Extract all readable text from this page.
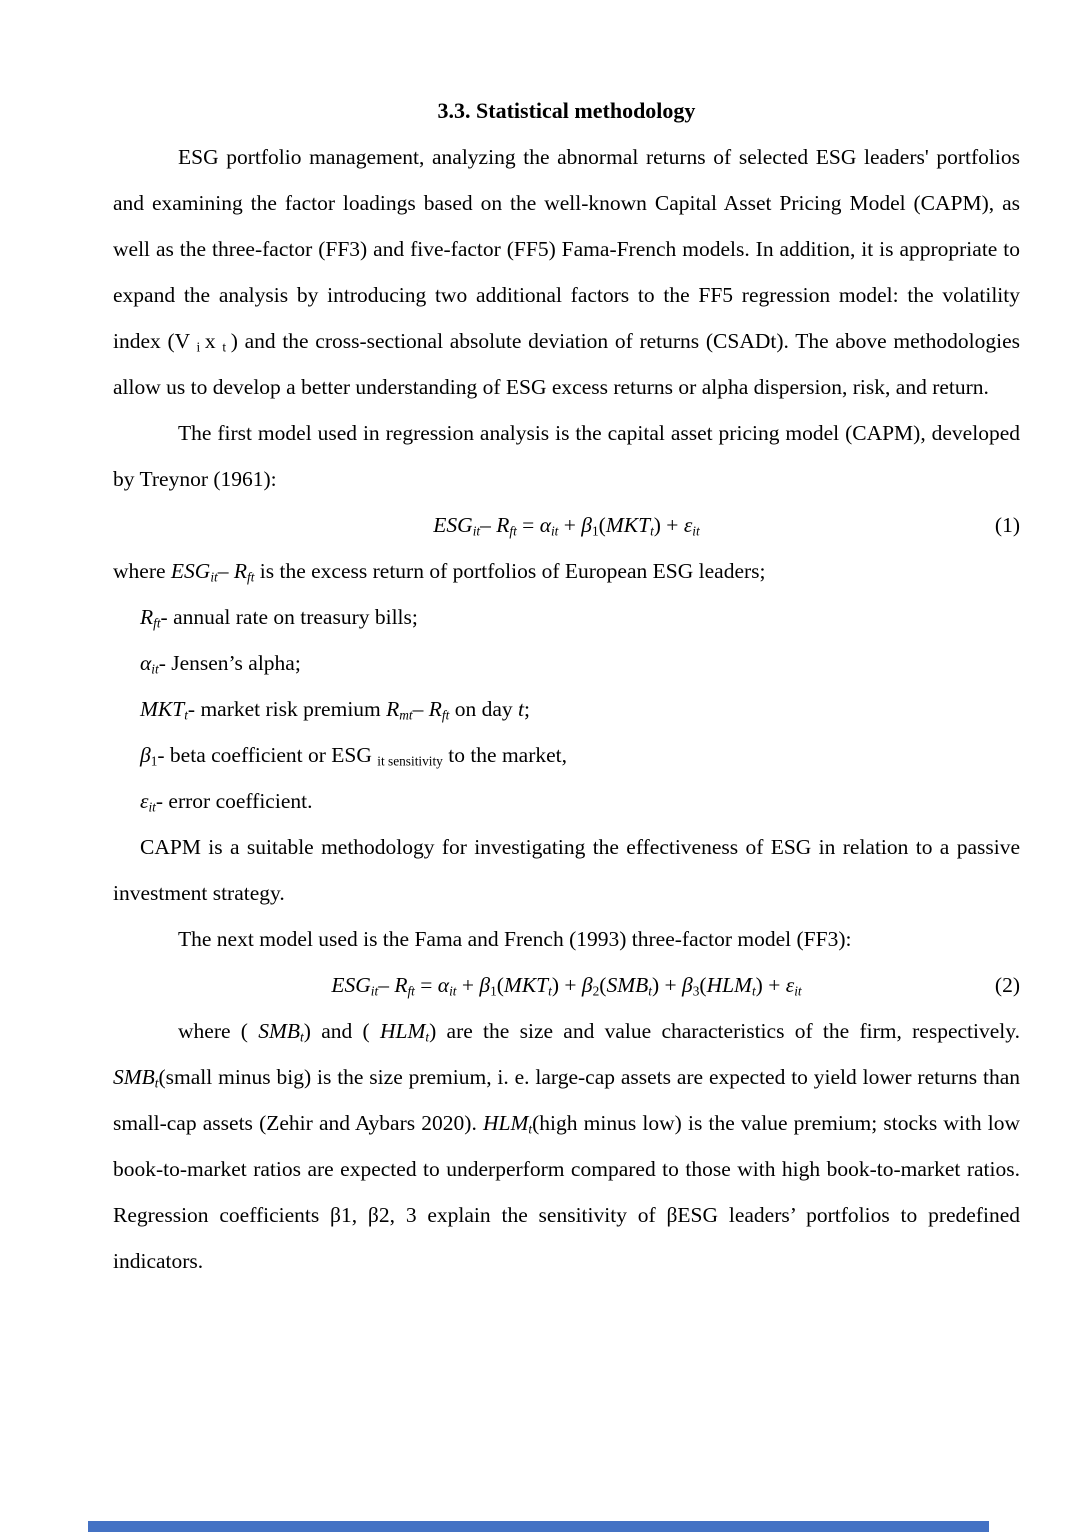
3.3. Statistical methodology

ESG portfolio management, analyzing the abnormal returns of selected ESG leaders' portfolios and examining the factor loadings based on the well-known Capital Asset Pricing Model (CAPM), as well as the three-factor (FF3) and five-factor (FF5) Fama-French models. In addition, it is appropriate to expand the analysis by introducing two additional factors to the FF5 regression model: the volatility index (V $_i$ x $_t$ ) and the cross-sectional absolute deviation of returns (CSADt). The above methodologies allow us to develop a better understanding of ESG excess returns or alpha dispersion, risk, and return.

The first model used in regression analysis is the capital asset pricing model (CAPM), developed by Treynor (1961):

$ESG_{it}-$ $R_{ft} = \alpha_{it} + \beta_1(MKT_t) + \varepsilon_{it}$	(1)

where $ESG_{it}-$ $R_{ft}$ is the excess return of portfolios of European ESG leaders;

$R_{ft}-$ annual rate on treasury bills;

$\alpha_{it}-$ Jensen’s alpha;

$MKT_t-$ market risk premium $R_{mt}-$ $R_{ft}$ on day t;

$\beta_1-$ beta coefficient or ESG $_{it sensitivity}$ to the market,

$\varepsilon_{it}-$ error coefficient.

CAPM is a suitable methodology for investigating the effectiveness of ESG in relation to a passive investment strategy.

The next model used is the Fama and French (1993) three-factor model (FF3):

$ESG_{it}-$ $R_{ft} = \alpha_{it} + \beta_1(MKT_t) + \beta_2(SMB_t) + \beta_3(HLM_t) + \varepsilon_{it}$	(2)

where ( $SMB_t$) and ( $HLM_t$) are the size and value characteristics of the firm, respectively. $SMB_t(small$ minus big) is the size premium, i. e. large-cap assets are expected to yield lower returns than small-cap assets (Zehir and Aybars 2020). $HLM_t(high$ minus low) is the value premium; stocks with low book-to-market ratios are expected to underperform compared to those with high book-to-market ratios. Regression coefficients β1, β2, 3 explain the sensitivity of βESG leaders’ portfolios to predefined indicators.
